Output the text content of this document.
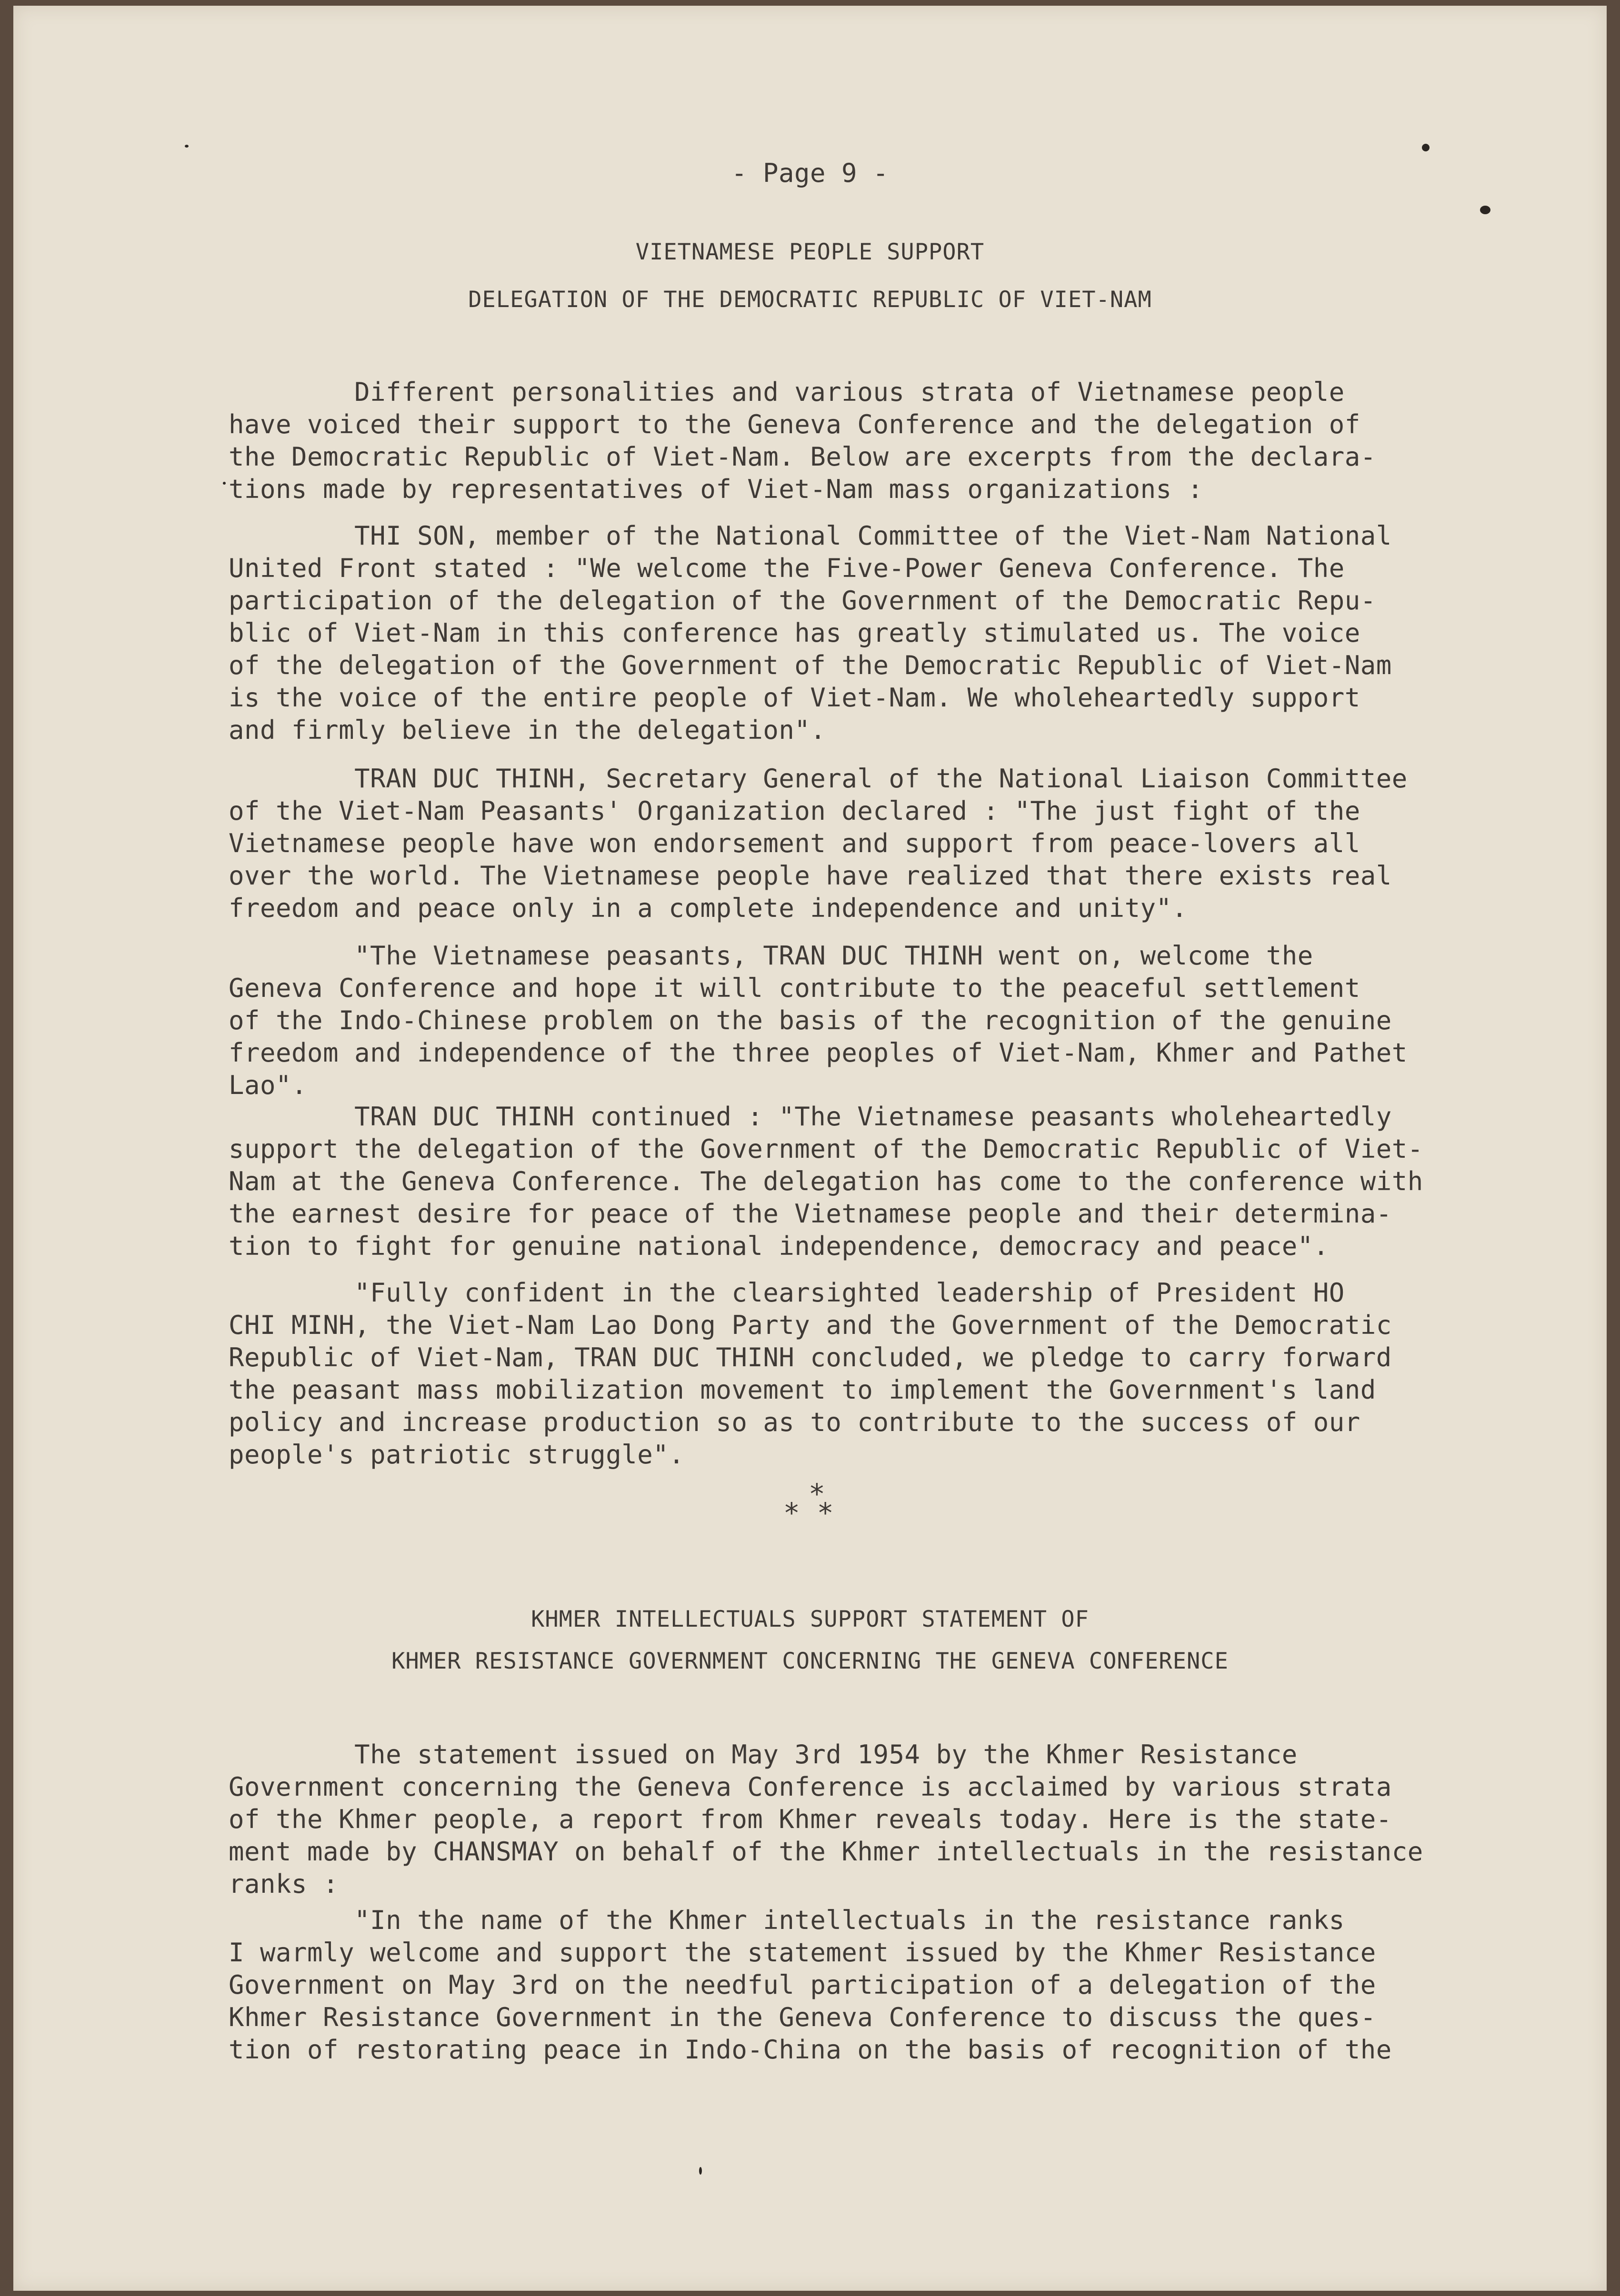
- Page 9 -
VIETNAMESE PEOPLE SUPPORT
DELEGATION OF THE DEMOCRATIC REPUBLIC OF VIET-NAM

Different personalities and various strata of Vietnamese people
have voiced their support to the Geneva Conference and the delegation of
the Democratic Republic of Viet-Nam. Below are excerpts from the declara-
tions made by representatives of Viet-Nam mass organizations :

THI SON, member of the National Committee of the Viet-Nam National
United Front stated : "We welcome the Five-Power Geneva Conference. The
participation of the delegation of the Government of the Democratic Repu-
blic of Viet-Nam in this conference has greatly stimulated us. The voice
of the delegation of the Government of the Democratic Republic of Viet-Nam
is the voice of the entire people of Viet-Nam. We wholeheartedly support
and firmly believe in the delegation".

TRAN DUC THINH, Secretary General of the National Liaison Committee
of the Viet-Nam Peasants' Organization declared : "The just fight of the
Vietnamese people have won endorsement and support from peace-lovers all
over the world. The Vietnamese people have realized that there exists real
freedom and peace only in a complete independence and unity".

"The Vietnamese peasants, TRAN DUC THINH went on, welcome the
Geneva Conference and hope it will contribute to the peaceful settlement
of the Indo-Chinese problem on the basis of the recognition of the genuine
freedom and independence of the three peoples of Viet-Nam, Khmer and Pathet
Lao".

TRAN DUC THINH continued : "The Vietnamese peasants wholeheartedly
support the delegation of the Government of the Democratic Republic of Viet-
Nam at the Geneva Conference. The delegation has come to the conference with
the earnest desire for peace of the Vietnamese people and their determina-
tion to fight for genuine national independence, democracy and peace".

"Fully confident in the clearsighted leadership of President HO
CHI MINH, the Viet-Nam Lao Dong Party and the Government of the Democratic
Republic of Viet-Nam, TRAN DUC THINH concluded, we pledge to carry forward
the peasant mass mobilization movement to implement the Government's land
policy and increase production so as to contribute to the success of our
people's patriotic struggle".

*
* *
KHMER INTELLECTUALS SUPPORT STATEMENT OF
KHMER RESISTANCE GOVERNMENT CONCERNING THE GENEVA CONFERENCE

The statement issued on May 3rd 1954 by the Khmer Resistance
Government concerning the Geneva Conference is acclaimed by various strata
of the Khmer people, a report from Khmer reveals today. Here is the state-
ment made by CHANSMAY on behalf of the Khmer intellectuals in the resistance
ranks :

"In the name of the Khmer intellectuals in the resistance ranks
I warmly welcome and support the statement issued by the Khmer Resistance
Government on May 3rd on the needful participation of a delegation of the
Khmer Resistance Government in the Geneva Conference to discuss the ques-
tion of restorating peace in Indo-China on the basis of recognition of the
